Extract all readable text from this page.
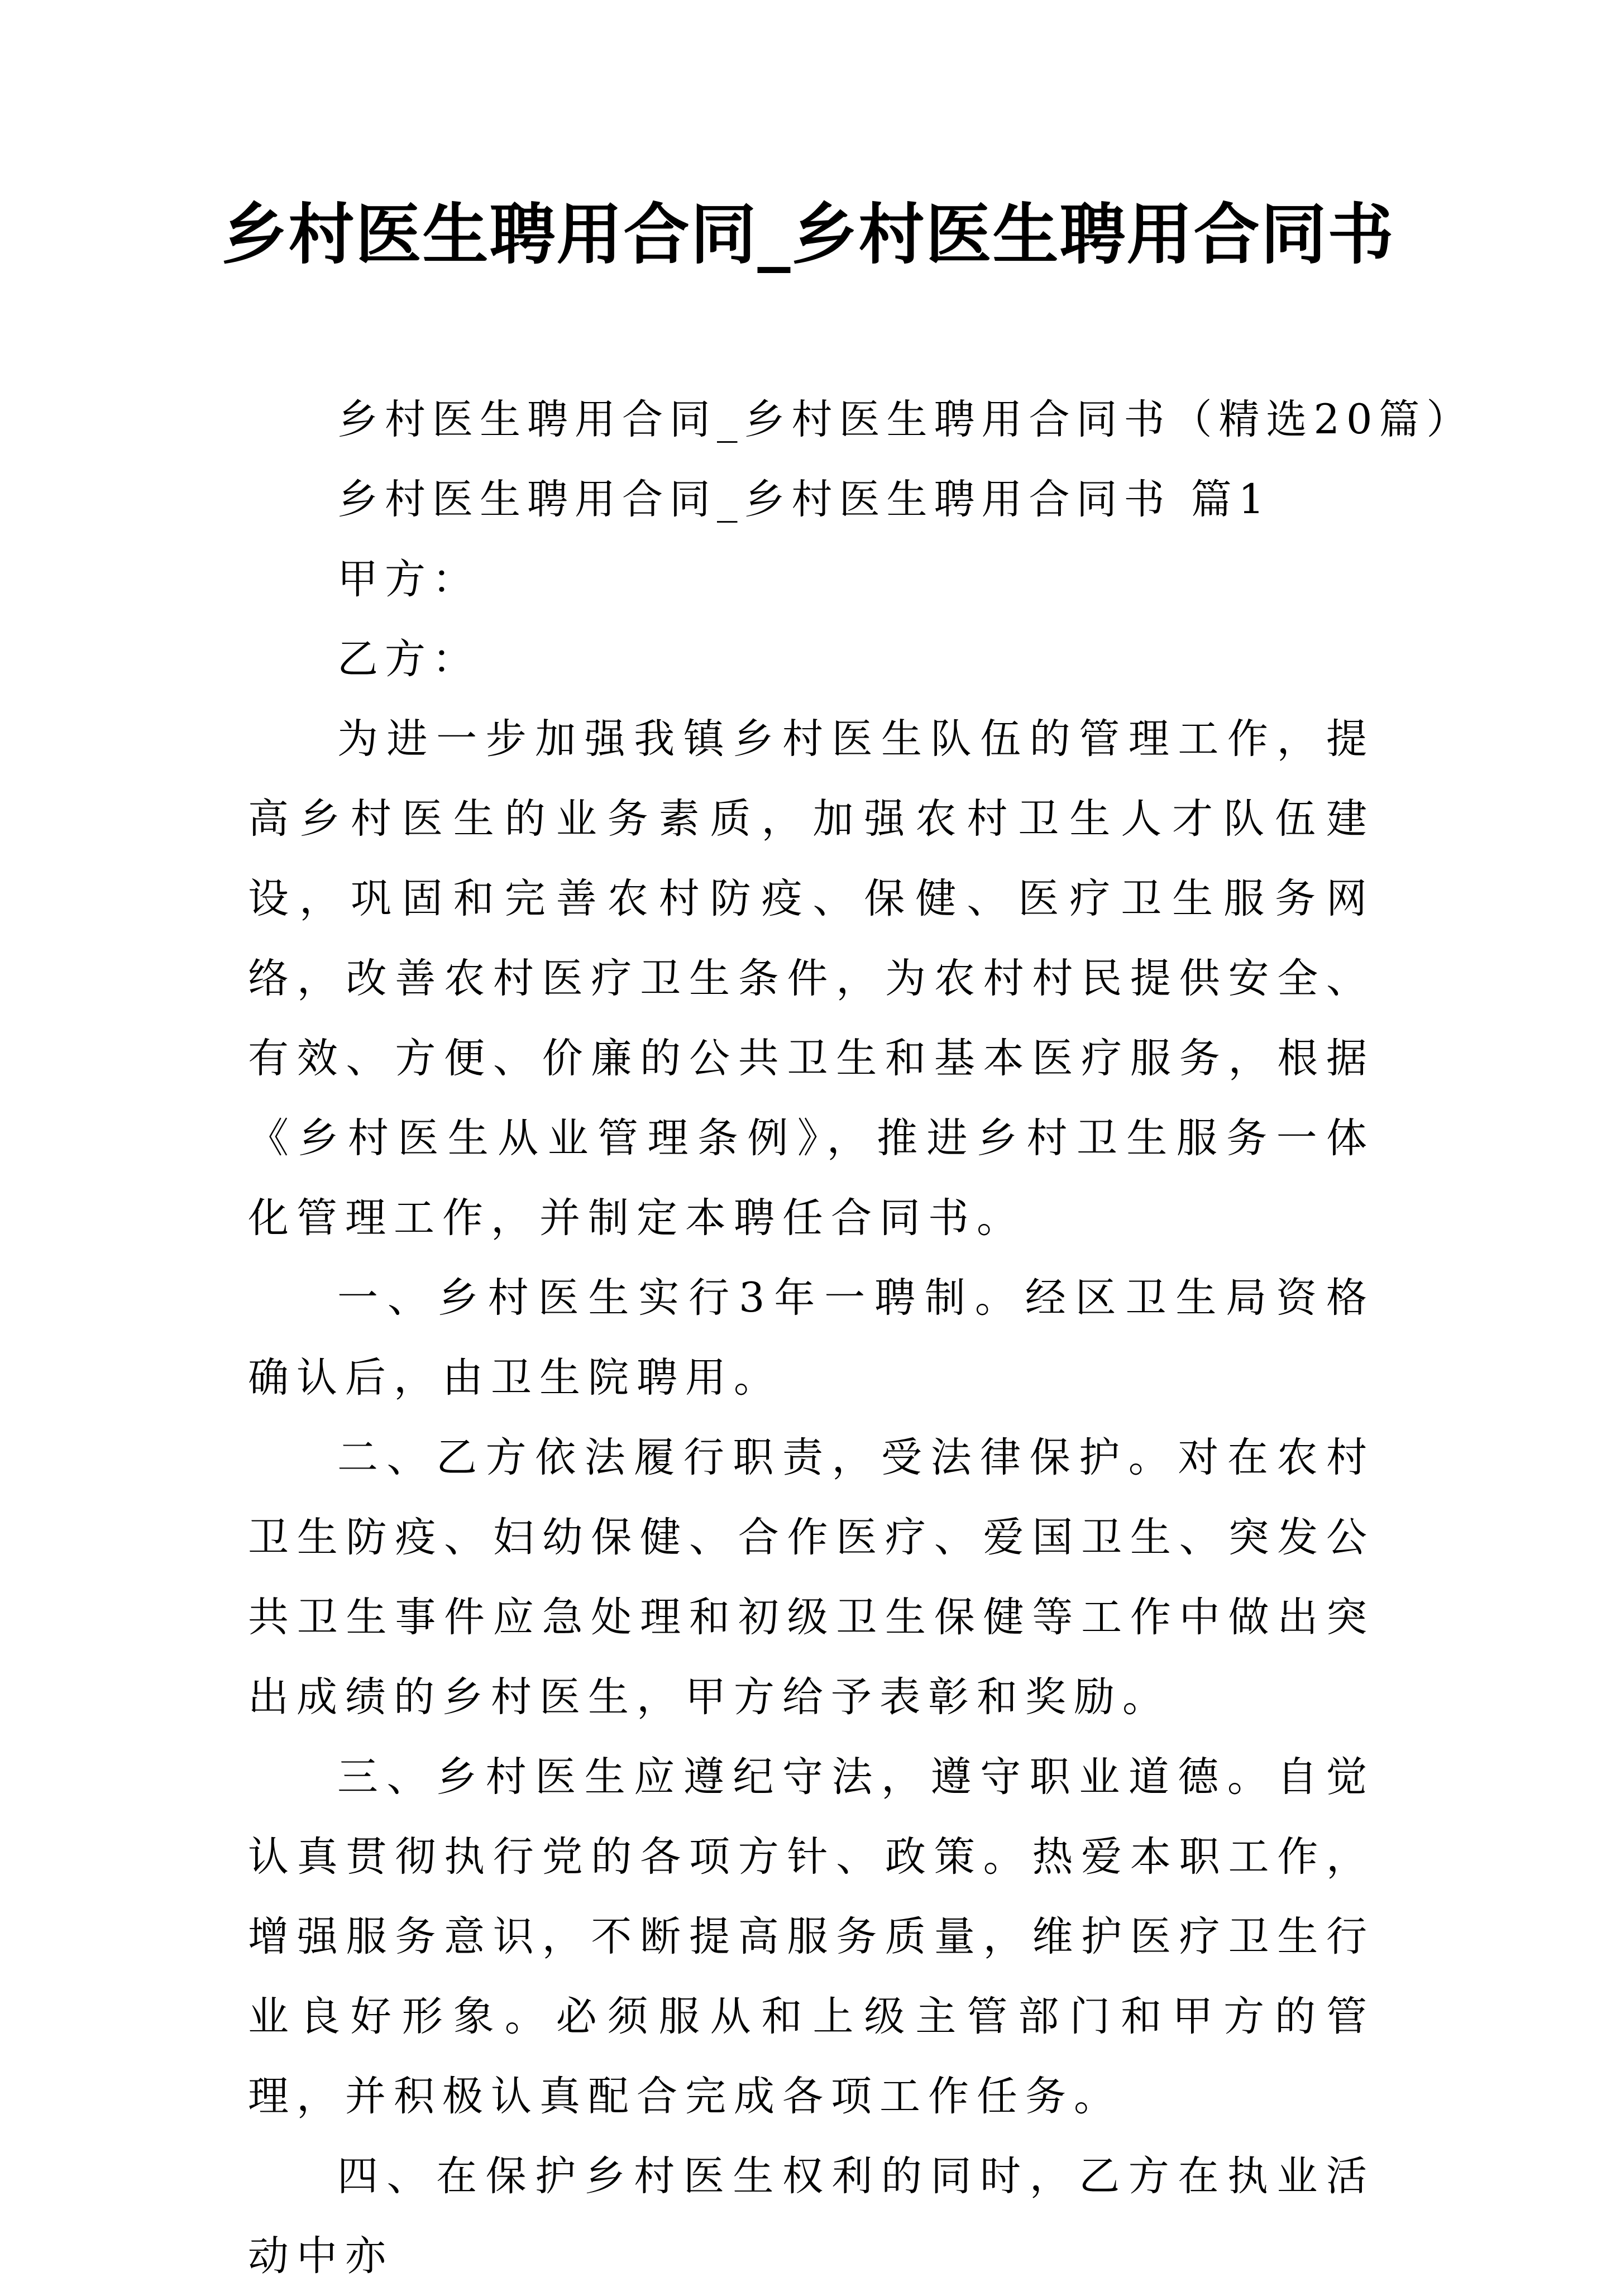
乡村医生聘用合同_乡村医生聘用合同书

乡村医生聘用合同_乡村医生聘用合同书（精选20篇）

乡村医生聘用合同_乡村医生聘用合同书 篇1

甲方：

乙方：

为进一步加强我镇乡村医生队伍的管理工作，提高乡村医生的业务素质，加强农村卫生人才队伍建设，巩固和完善农村防疫、保健、医疗卫生服务网络，改善农村医疗卫生条件，为农村村民提供安全、有效、方便、价廉的公共卫生和基本医疗服务，根据《乡村医生从业管理条例》，推进乡村卫生服务一体化管理工作，并制定本聘任合同书。

一、乡村医生实行3年一聘制。经区卫生局资格确认后，由卫生院聘用。

二、乙方依法履行职责，受法律保护。对在农村卫生防疫、妇幼保健、合作医疗、爱国卫生、突发公共卫生事件应急处理和初级卫生保健等工作中做出突出成绩的乡村医生，甲方给予表彰和奖励。

三、乡村医生应遵纪守法，遵守职业道德。自觉认真贯彻执行党的各项方针、政策。热爱本职工作，增强服务意识，不断提高服务质量，维护医疗卫生行业良好形象。必须服从和上级主管部门和甲方的管理，并积极认真配合完成各项工作任务。

四、在保护乡村医生权利的同时，乙方在执业活动中亦
